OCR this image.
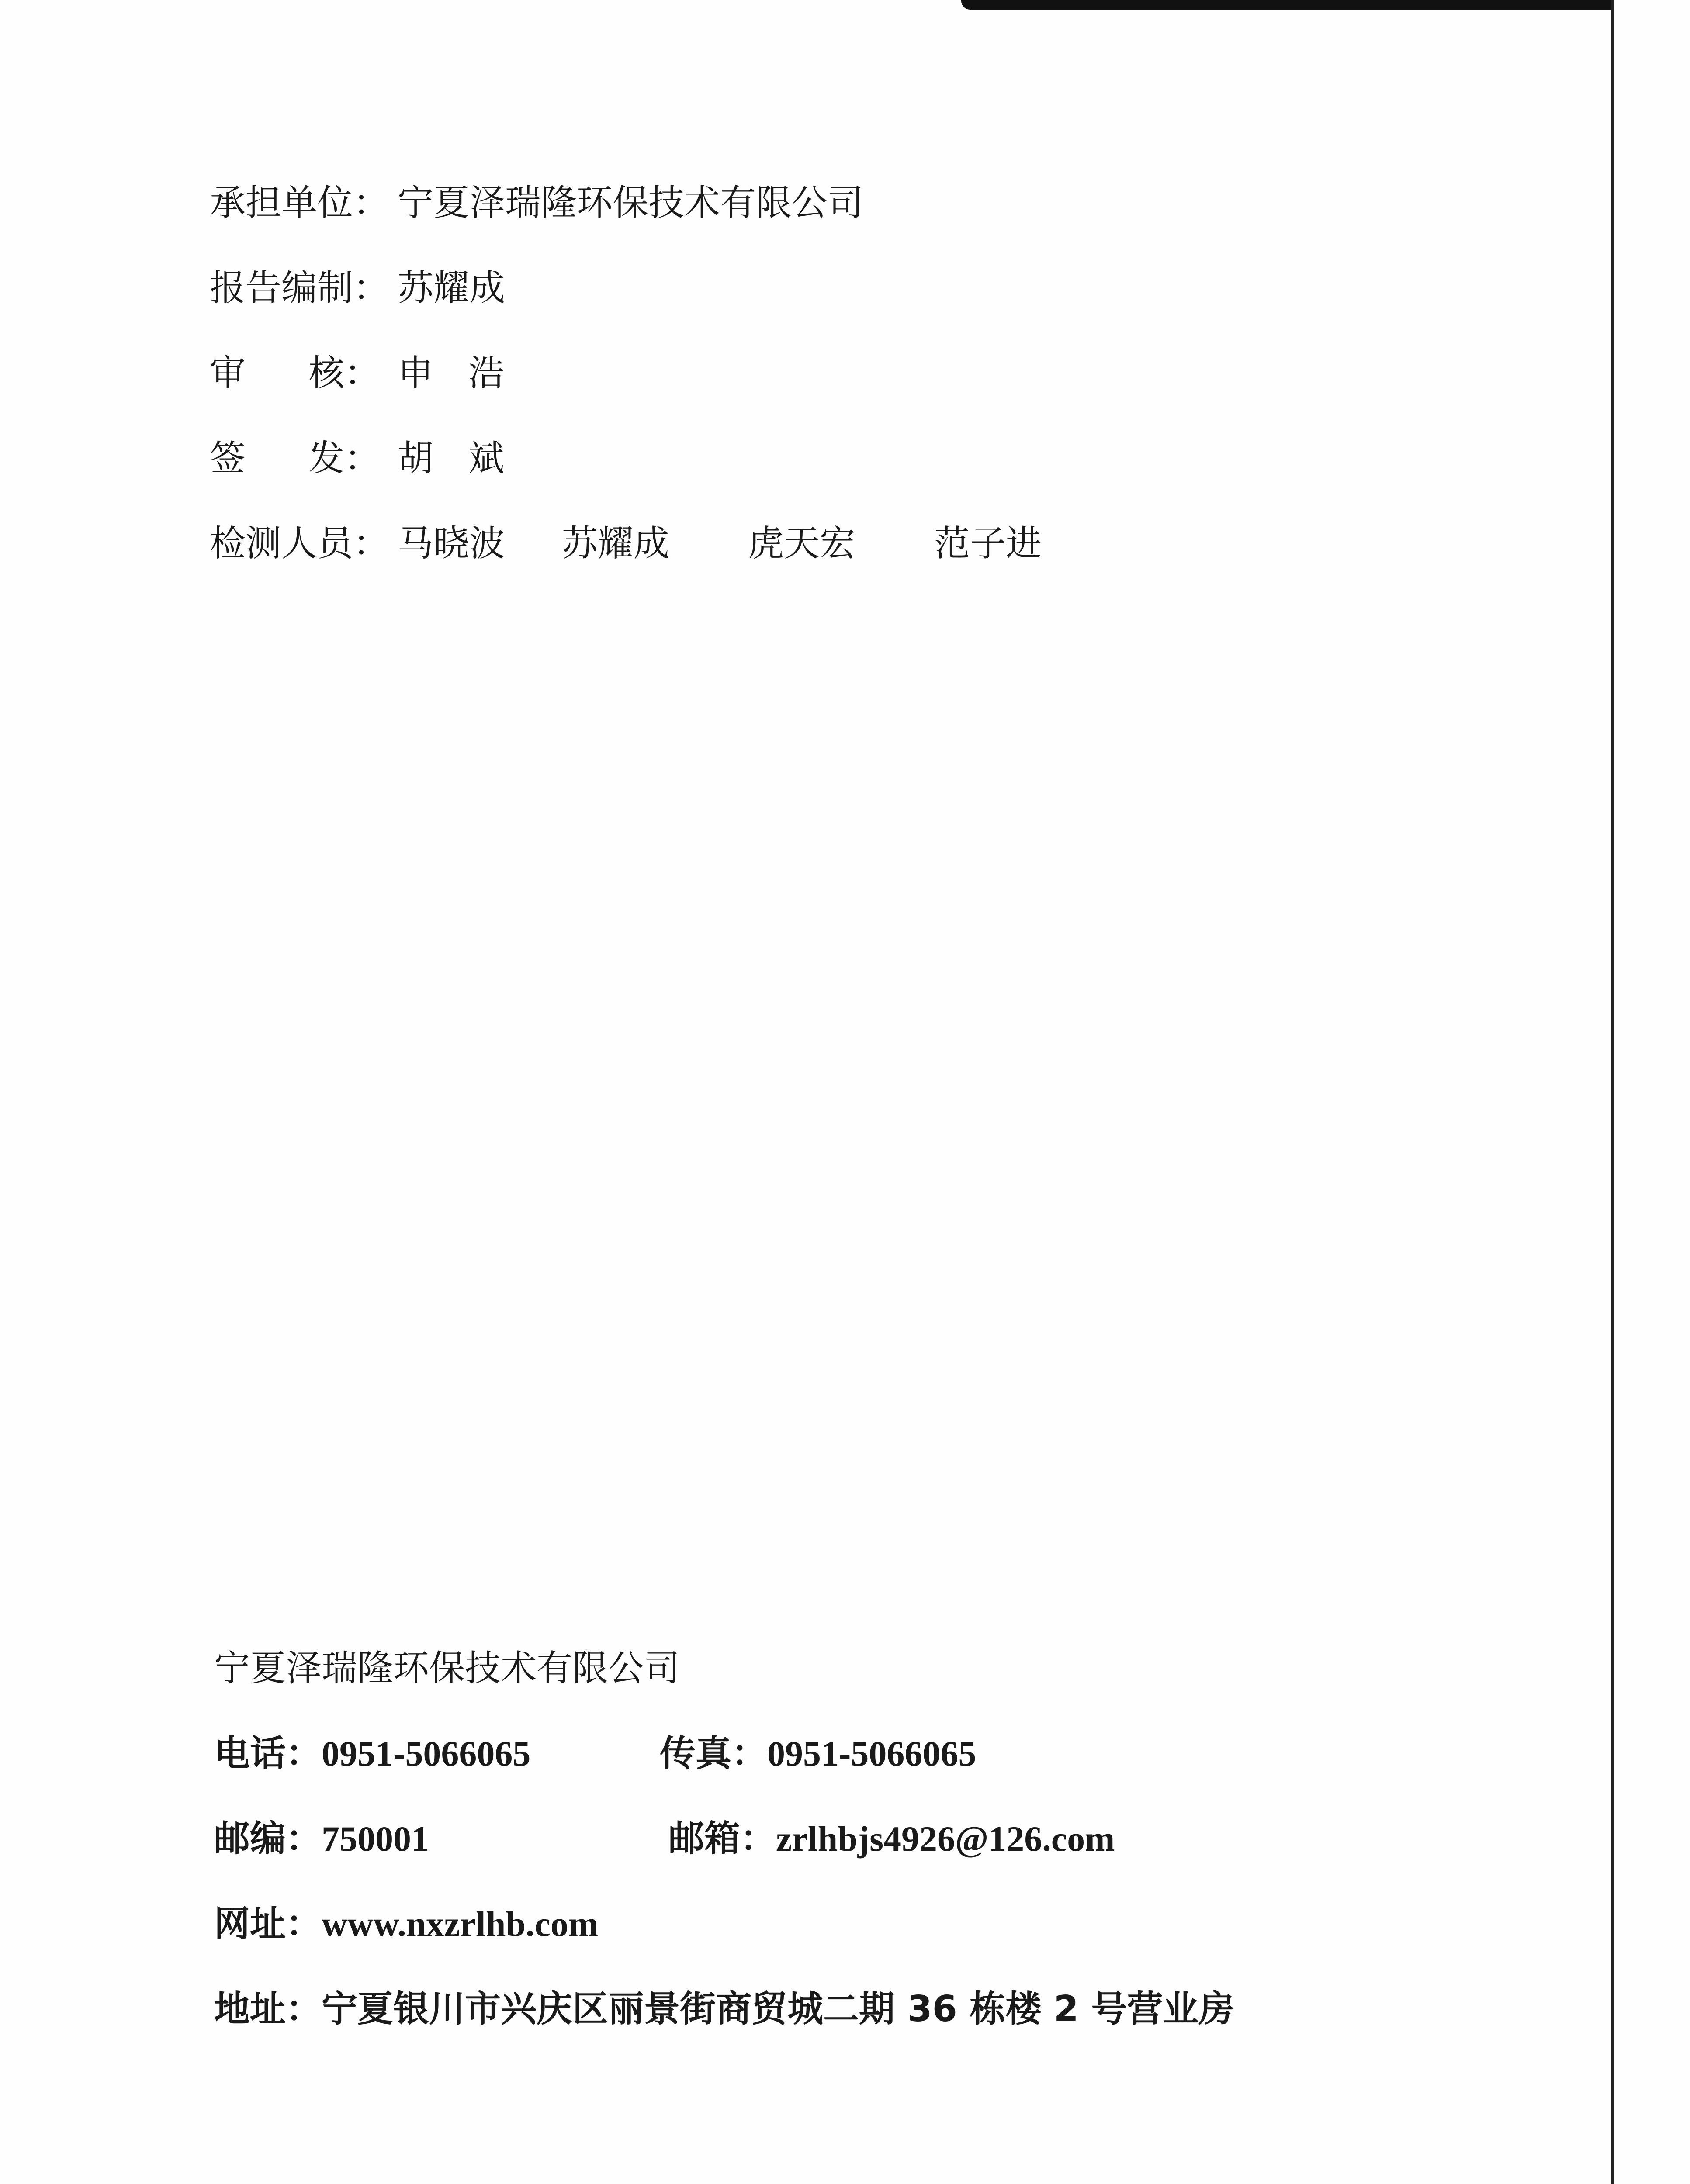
承担单位： 宁夏泽瑞隆环保技术有限公司
报告编制： 苏耀成
审 核： 申 浩
签 发： 胡 斌
检测人员： 马晓波 苏耀成 虎天宏 范子进
宁夏泽瑞隆环保技术有限公司
电话：0951-5066065	传真：0951-5066065
邮编：750001	邮箱：zrlhbjs4926@126.com
网址：www.nxzrlhb.com
地址：宁夏银川市兴庆区丽景街商贸城二期 36 栋楼 2 号营业房
